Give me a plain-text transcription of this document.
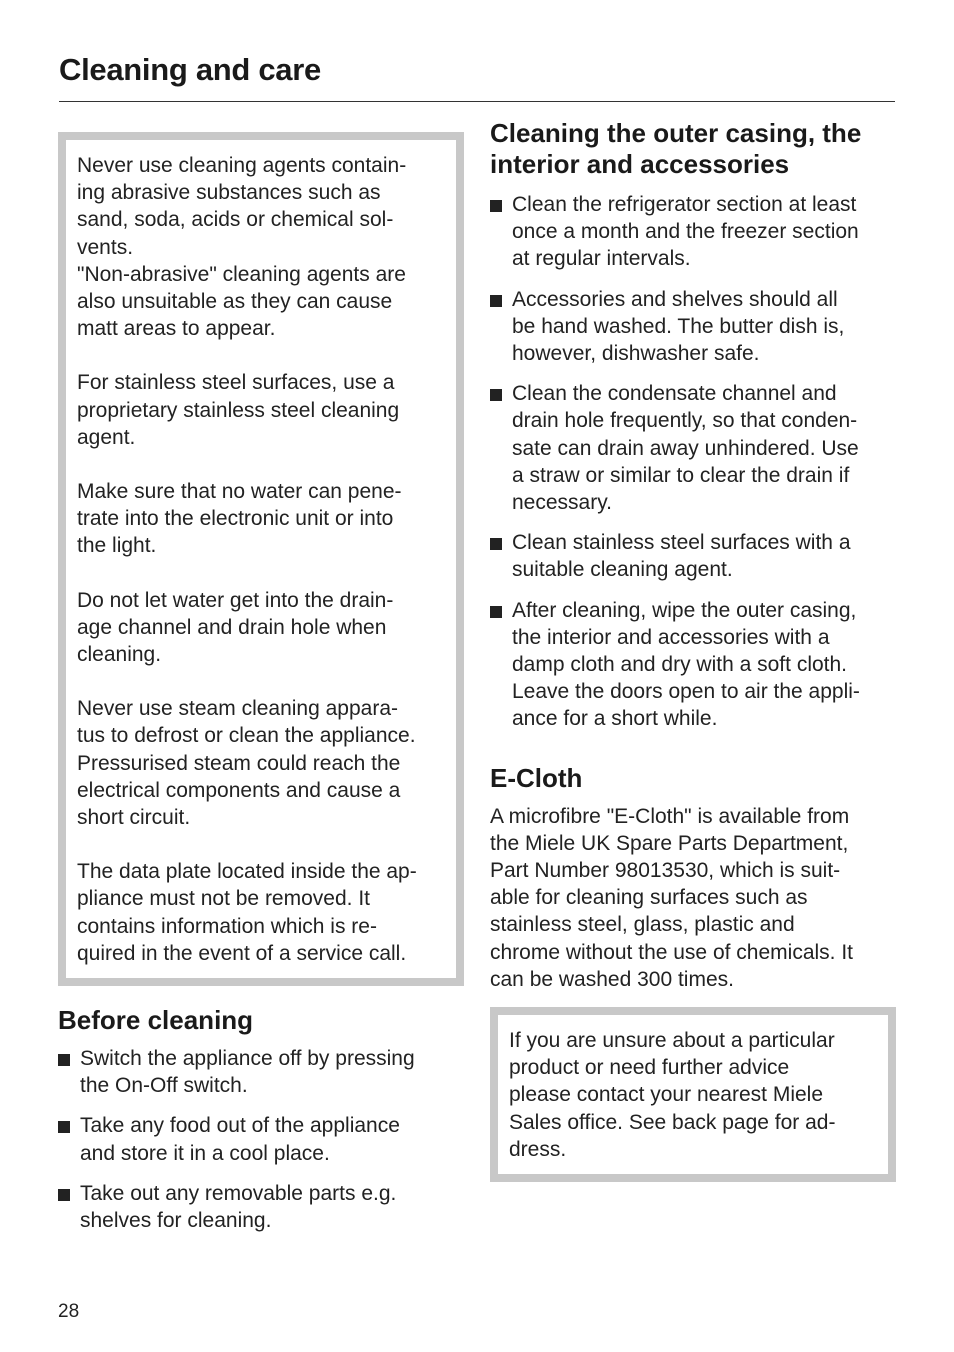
Cleaning and care

Never use cleaning agents contain-
ing abrasive substances such as
sand, soda, acids or chemical sol-
vents.
"Non-abrasive" cleaning agents are
also unsuitable as they can cause
matt areas to appear.

For stainless steel surfaces, use a
proprietary stainless steel cleaning
agent.

Make sure that no water can pene-
trate into the electronic unit or into
the light.

Do not let water get into the drain-
age channel and drain hole when
cleaning.

Never use steam cleaning appara-
tus to defrost or clean the appliance.
Pressurised steam could reach the
electrical components and cause a
short circuit.

The data plate located inside the ap-
pliance must not be removed. It
contains information which is re-
quired in the event of a service call.

Before cleaning
Switch the appliance off by pressing
the On-Off switch.
Take any food out of the appliance
and store it in a cool place.
Take out any removable parts e.g.
shelves for cleaning.
Cleaning the outer casing, the
interior and accessories
Clean the refrigerator section at least
once a month and the freezer section
at regular intervals.
Accessories and shelves should all
be hand washed. The butter dish is,
however, dishwasher safe.
Clean the condensate channel and
drain hole frequently, so that conden-
sate can drain away unhindered. Use
a straw or similar to clear the drain if
necessary.
Clean stainless steel surfaces with a
suitable cleaning agent.
After cleaning, wipe the outer casing,
the interior and accessories with a
damp cloth and dry with a soft cloth.
Leave the doors open to air the appli-
ance for a short while.
E-Cloth

A microfibre "E-Cloth" is available from
the Miele UK Spare Parts Department,
Part Number 98013530, which is suit-
able for cleaning surfaces such as
stainless steel, glass, plastic and
chrome without the use of chemicals. It
can be washed 300 times.

If you are unsure about a particular
product or need further advice
please contact your nearest Miele
Sales office. See back page for ad-
dress.

28
